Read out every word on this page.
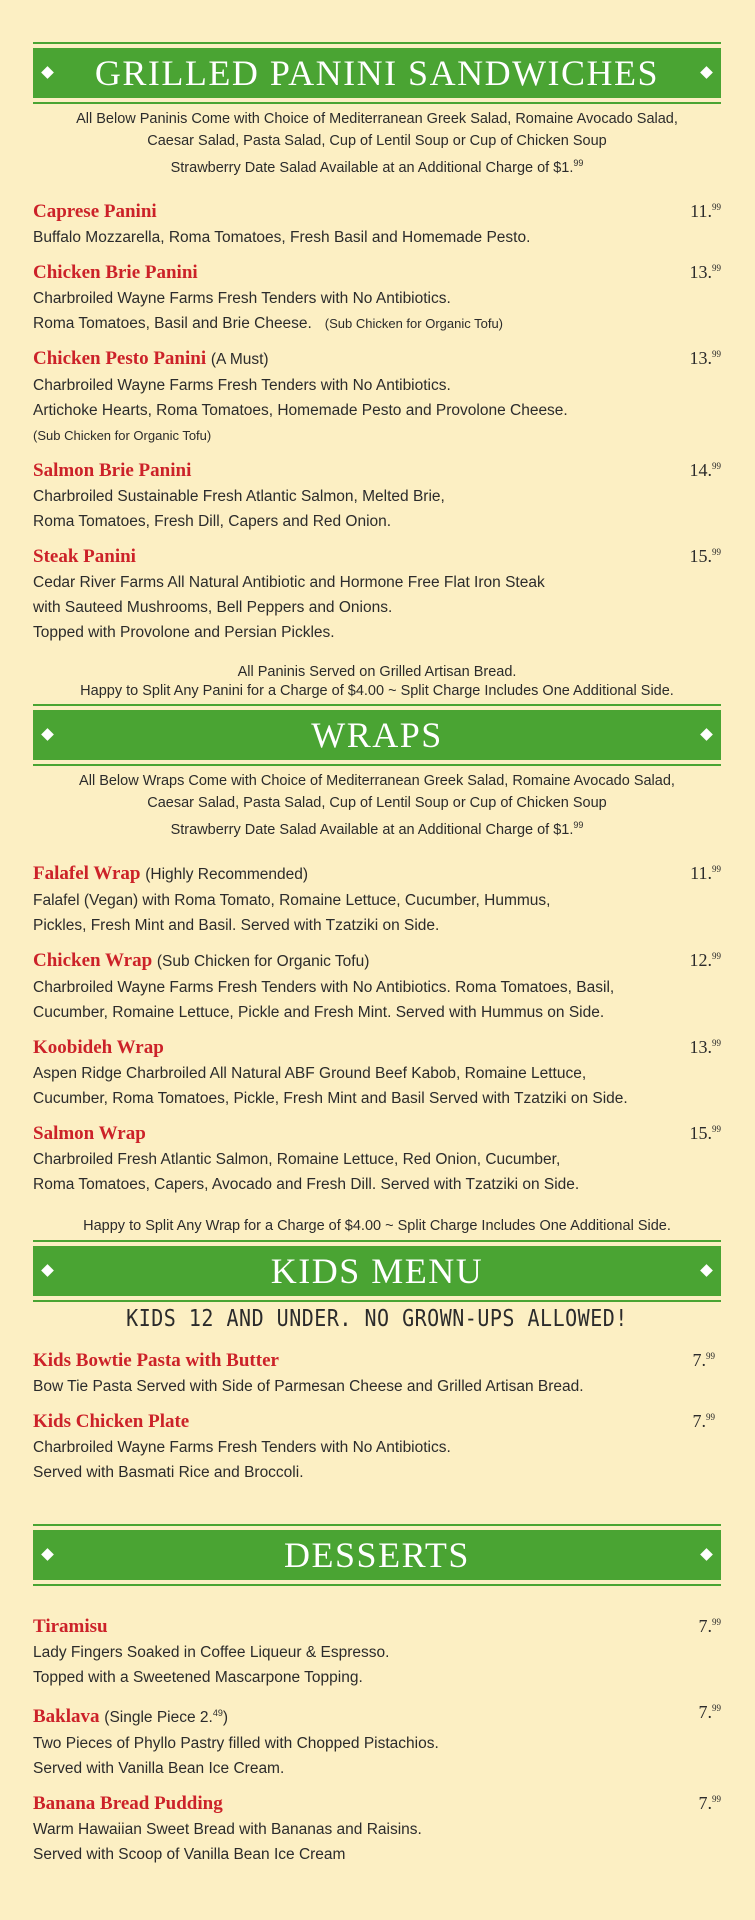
GRILLED PANINI SANDWICHES
All Below Paninis Come with Choice of Mediterranean Greek Salad, Romaine Avocado Salad,
Caesar Salad, Pasta Salad, Cup of Lentil Soup or Cup of Chicken Soup
Strawberry Date Salad Available at an Additional Charge of $1.99
Caprese Panini	11.99
Buffalo Mozzarella, Roma Tomatoes, Fresh Basil and Homemade Pesto.
Chicken Brie Panini	13.99
Charbroiled Wayne Farms Fresh Tenders with No Antibiotics.
Roma Tomatoes, Basil and Brie Cheese. (Sub Chicken for Organic Tofu)
Chicken Pesto Panini (A Must)	13.99
Charbroiled Wayne Farms Fresh Tenders with No Antibiotics.
Artichoke Hearts, Roma Tomatoes, Homemade Pesto and Provolone Cheese.
(Sub Chicken for Organic Tofu)
Salmon Brie Panini	14.99
Charbroiled Sustainable Fresh Atlantic Salmon, Melted Brie,
Roma Tomatoes, Fresh Dill, Capers and Red Onion.
Steak Panini	15.99
Cedar River Farms All Natural Antibiotic and Hormone Free Flat Iron Steak
with Sauteed Mushrooms, Bell Peppers and Onions.
Topped with Provolone and Persian Pickles.
All Paninis Served on Grilled Artisan Bread.
Happy to Split Any Panini for a Charge of $4.00 ~ Split Charge Includes One Additional Side.
WRAPS
All Below Wraps Come with Choice of Mediterranean Greek Salad, Romaine Avocado Salad,
Caesar Salad, Pasta Salad, Cup of Lentil Soup or Cup of Chicken Soup
Strawberry Date Salad Available at an Additional Charge of $1.99
Falafel Wrap (Highly Recommended)	11.99
Falafel (Vegan) with Roma Tomato, Romaine Lettuce, Cucumber, Hummus,
Pickles, Fresh Mint and Basil. Served with Tzatziki on Side.
Chicken Wrap (Sub Chicken for Organic Tofu)	12.99
Charbroiled Wayne Farms Fresh Tenders with No Antibiotics. Roma Tomatoes, Basil,
Cucumber, Romaine Lettuce, Pickle and Fresh Mint. Served with Hummus on Side.
Koobideh Wrap	13.99
Aspen Ridge Charbroiled All Natural ABF Ground Beef Kabob, Romaine Lettuce,
Cucumber, Roma Tomatoes, Pickle, Fresh Mint and Basil Served with Tzatziki on Side.
Salmon Wrap	15.99
Charbroiled Fresh Atlantic Salmon, Romaine Lettuce, Red Onion, Cucumber,
Roma Tomatoes, Capers, Avocado and Fresh Dill. Served with Tzatziki on Side.
Happy to Split Any Wrap for a Charge of $4.00 ~ Split Charge Includes One Additional Side.
KIDS MENU
KIDS 12 AND UNDER. NO GROWN-UPS ALLOWED!
Kids Bowtie Pasta with Butter	7.99
Bow Tie Pasta Served with Side of Parmesan Cheese and Grilled Artisan Bread.
Kids Chicken Plate	7.99
Charbroiled Wayne Farms Fresh Tenders with No Antibiotics.
Served with Basmati Rice and Broccoli.
DESSERTS
Tiramisu	7.99
Lady Fingers Soaked in Coffee Liqueur & Espresso.
Topped with a Sweetened Mascarpone Topping.
Baklava (Single Piece 2.49)	7.99
Two Pieces of Phyllo Pastry filled with Chopped Pistachios.
Served with Vanilla Bean Ice Cream.
Banana Bread Pudding	7.99
Warm Hawaiian Sweet Bread with Bananas and Raisins.
Served with Scoop of Vanilla Bean Ice Cream
